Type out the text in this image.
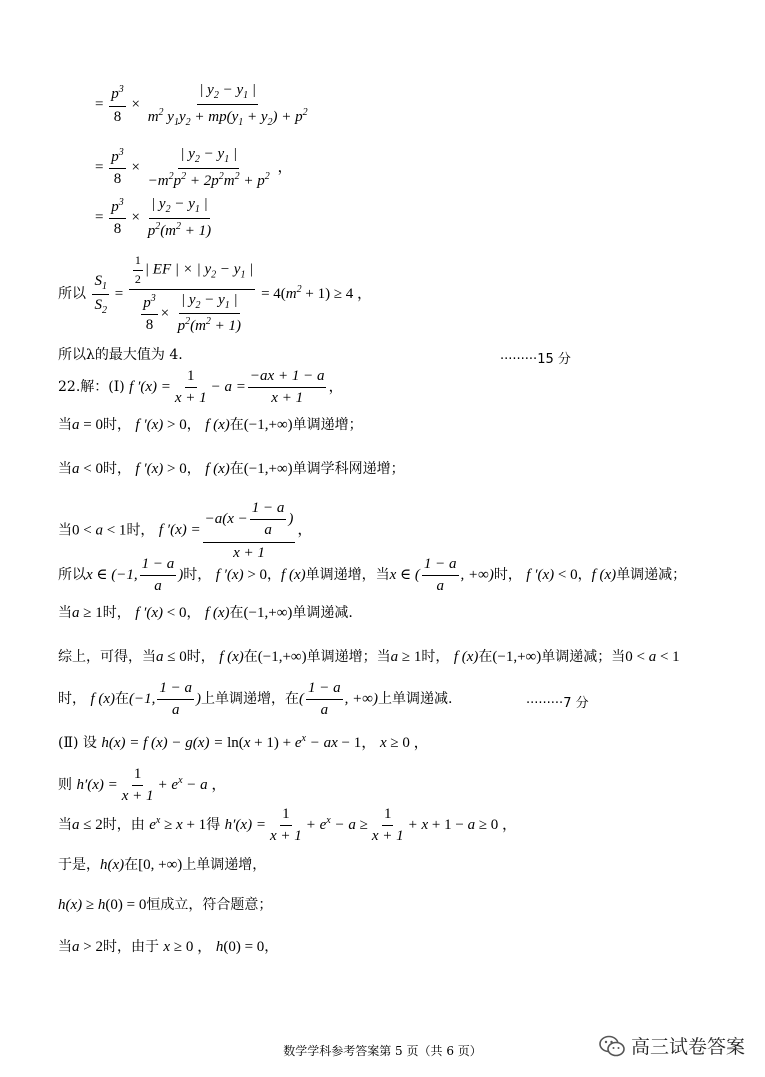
= $\frac{p^3}{8} \times \frac{| y_2 - y_1 |}{m^2 y_1y_2 + mp(y_1 + y_2) + p^2}$
= $\frac{p^3}{8} \times \frac{| y_2 - y_1 |}{-m^2p^2 + 2p^2m^2 + p^2}$ ，
= $\frac{p^3}{8} \times \frac{| y_2 - y_1 |}{p^2(m^2 + 1)}$
所以 $\frac{S_1}{S_2} = \frac{\frac{1}{2} | EF | \times | y_2 - y_1 |}{\frac{p^3}{8} \times \frac{| y_2 - y_1 |}{p^2(m^2 + 1)}} = 4(m^2 + 1) \ge 4$ ，
所以λ的最大值为 4.	·········15 分
22.解：(Ⅰ) f $'(x) = \frac{1}{x + 1} - a = \frac{-ax + 1 - a}{x + 1}$ ，
当a = 0时， f ′(x) > 0， f (x)在(−1,+∞)单调递增；
当a < 0时， f ′(x) > 0， f (x)在(−1,+∞)单调学科网递增；
当0 < a < 1时， f $'(x) = \frac{-a(x - \frac{1 - a}{a} )}{x + 1}$ ，
所以x ∈ (−1, $\frac{1 - a}{a}$ )时， f ′(x) > 0，f (x)单调递增，当x ∈ ( $\frac{1 - a}{a}$ , +∞)时， f ′(x) < 0，f (x)单调递减；
当a ≥ 1时， f ′(x) < 0， f (x)在(−1,+∞)单调递减.
综上，可得，当a ≤ 0时， f (x)在(−1,+∞)单调递增；当a ≥ 1时， f (x)在(−1,+∞)单调递减；当0 < a < 1
时， f (x)在(−1, $\frac{1 - a}{a}$ )上单调递增，在( $\frac{1 - a}{a}$ , +∞)上单调递减.	·········7 分
(Ⅱ) 设 h(x) = f $(x) - g(x) = \ln(x + 1) + e^x$ − ax − 1， x ≥ 0 ，
则 $h'(x) = \frac{1}{x + 1} + e^x - a$ ，
当a ≤ 2时，由 $e^x \ge x + 1$得 $h'(x) = \frac{1}{x + 1} + e^x - a \ge \frac{1}{x + 1} + x + 1 - a \ge 0$ ，
于是，h(x)在[0, +∞)上单调递增，
h(x) ≥ h(0) = 0恒成立，符合题意；
当a > 2时，由于 x ≥ 0 ， h(0) = 0，
数学学科参考答案第 5 页（共 6 页）	高三试卷答案
